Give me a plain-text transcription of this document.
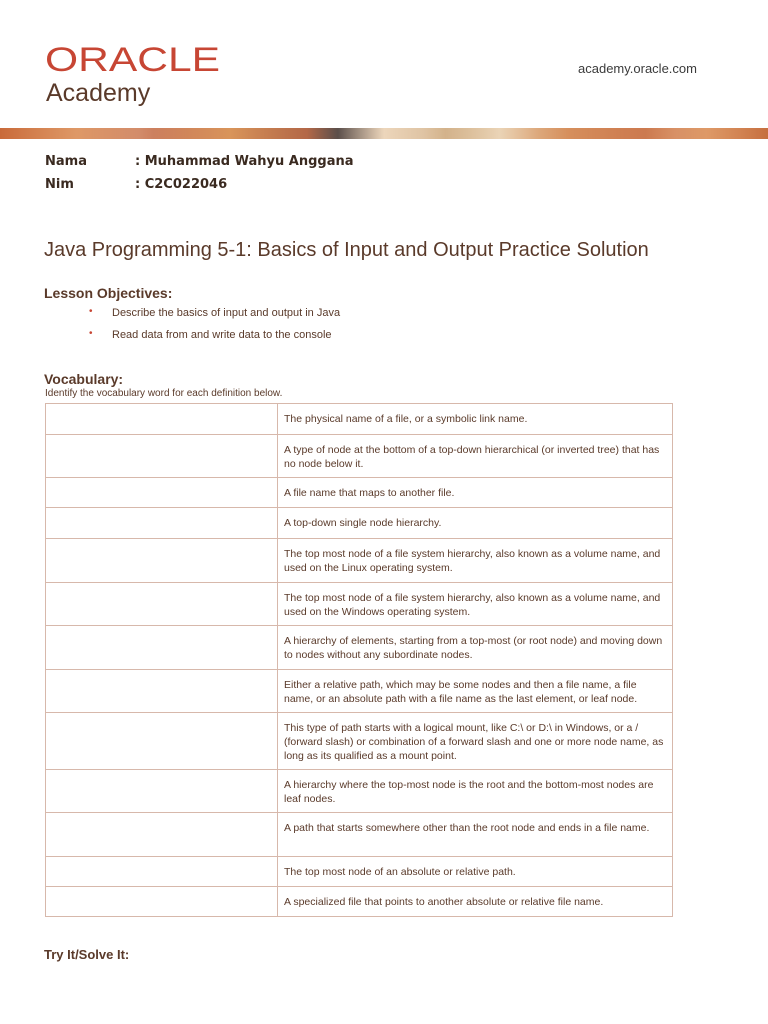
ORACLE
Academy
academy.oracle.com
Nama	: Muhammad Wahyu Anggana
Nim	: C2C022046
Java Programming 5-1: Basics of Input and Output Practice Solution
Lesson Objectives:
• Describe the basics of input and output in Java
• Read data from and write data to the console
Vocabulary:
Identify the vocabulary word for each definition below.

	The physical name of a file, or a symbolic link name.

	A type of node at the bottom of a top-down hierarchical (or inverted tree) that has no node below it.

	A file name that maps to another file.

	A top-down single node hierarchy.

	The top most node of a file system hierarchy, also known as a volume name, and used on the Linux operating system.

	The top most node of a file system hierarchy, also known as a volume name, and used on the Windows operating system.

	A hierarchy of elements, starting from a top-most (or root node) and moving down to nodes without any subordinate nodes.

	Either a relative path, which may be some nodes and then a file name, a file name, or an absolute path with a file name as the last element, or leaf node.

	This type of path starts with a logical mount, like C:\ or D:\ in Windows, or a / (forward slash) or combination of a forward slash and one or more node name, as long as its qualified as a mount point.

	A hierarchy where the top-most node is the root and the bottom-most nodes are leaf nodes.

	A path that starts somewhere other than the root node and ends in a file name.

	The top most node of an absolute or relative path.

	A specialized file that points to another absolute or relative file name.
Try It/Solve It:
